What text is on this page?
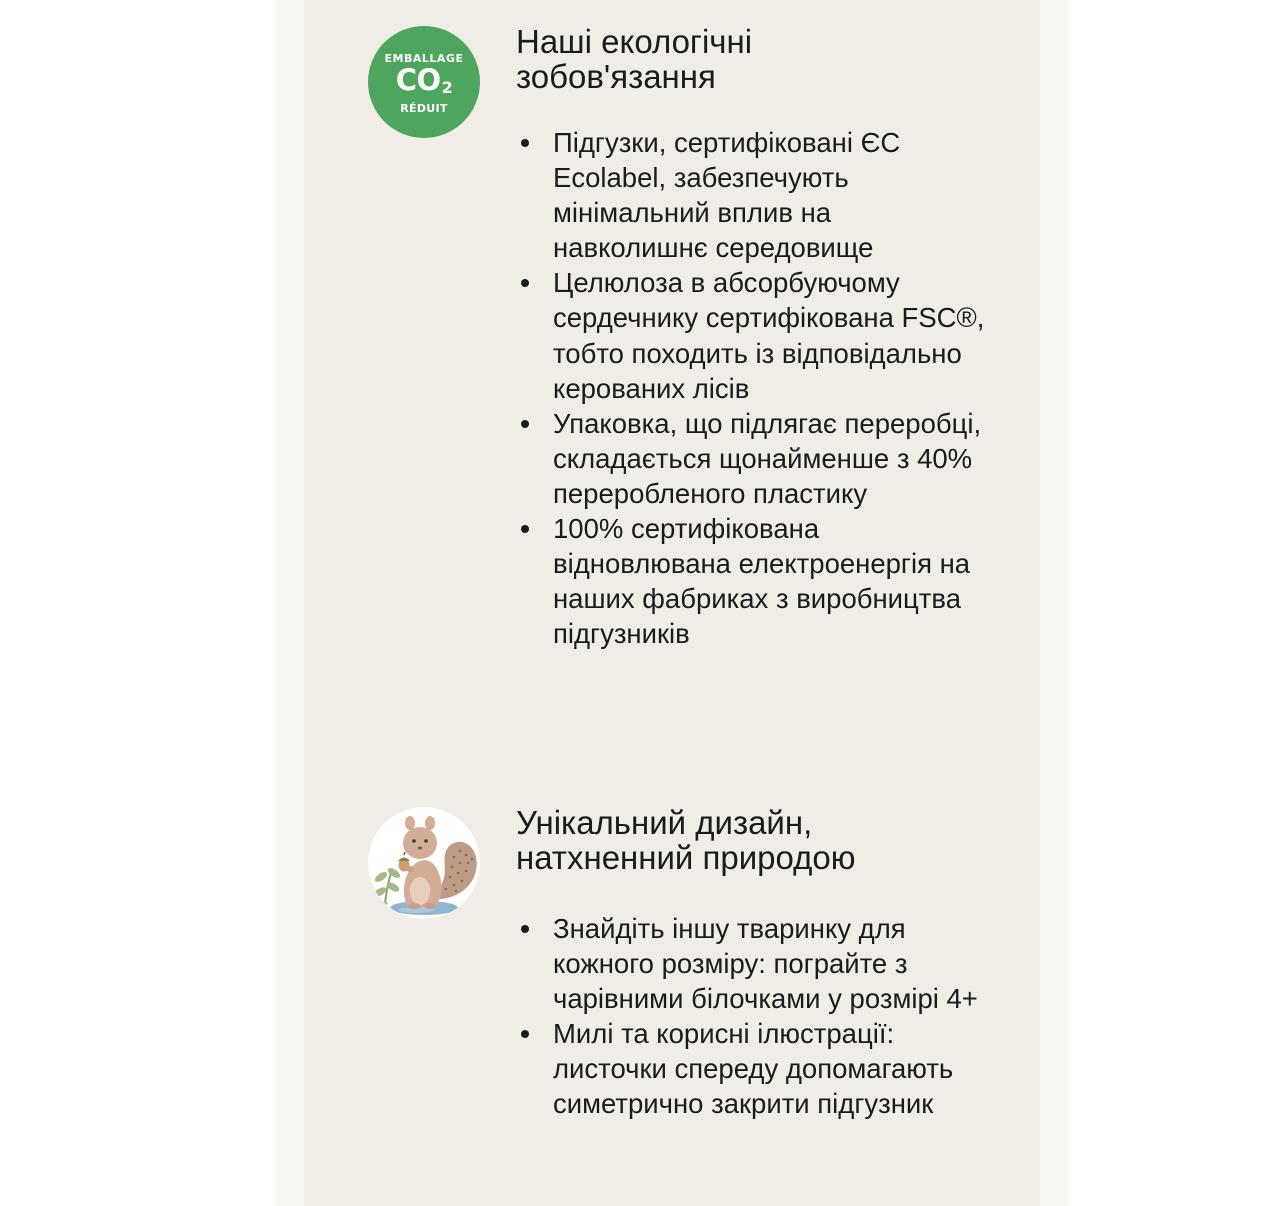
EMBALLAGE
CO2
RÉDUIT
Наші екологічні
зобов'язання
Підгузки, сертифіковані ЄС Ecolabel, забезпечують мінімальний вплив на навколишнє середовище
Целюлоза в абсорбуючому сердечнику сертифікована FSC®, тобто походить із відповідально керованих лісів
Упаковка, що підлягає переробці, складається щонайменше з 40% переробленого пластику
100% сертифікована відновлювана електроенергія на наших фабриках з виробництва підгузників
Унікальний дизайн,
натхненний природою
Знайдіть іншу тваринку для кожного розміру: пограйте з чарівними білочками у розмірі 4+
Милі та корисні ілюстрації: листочки спереду допомагають симетрично закрити підгузник
